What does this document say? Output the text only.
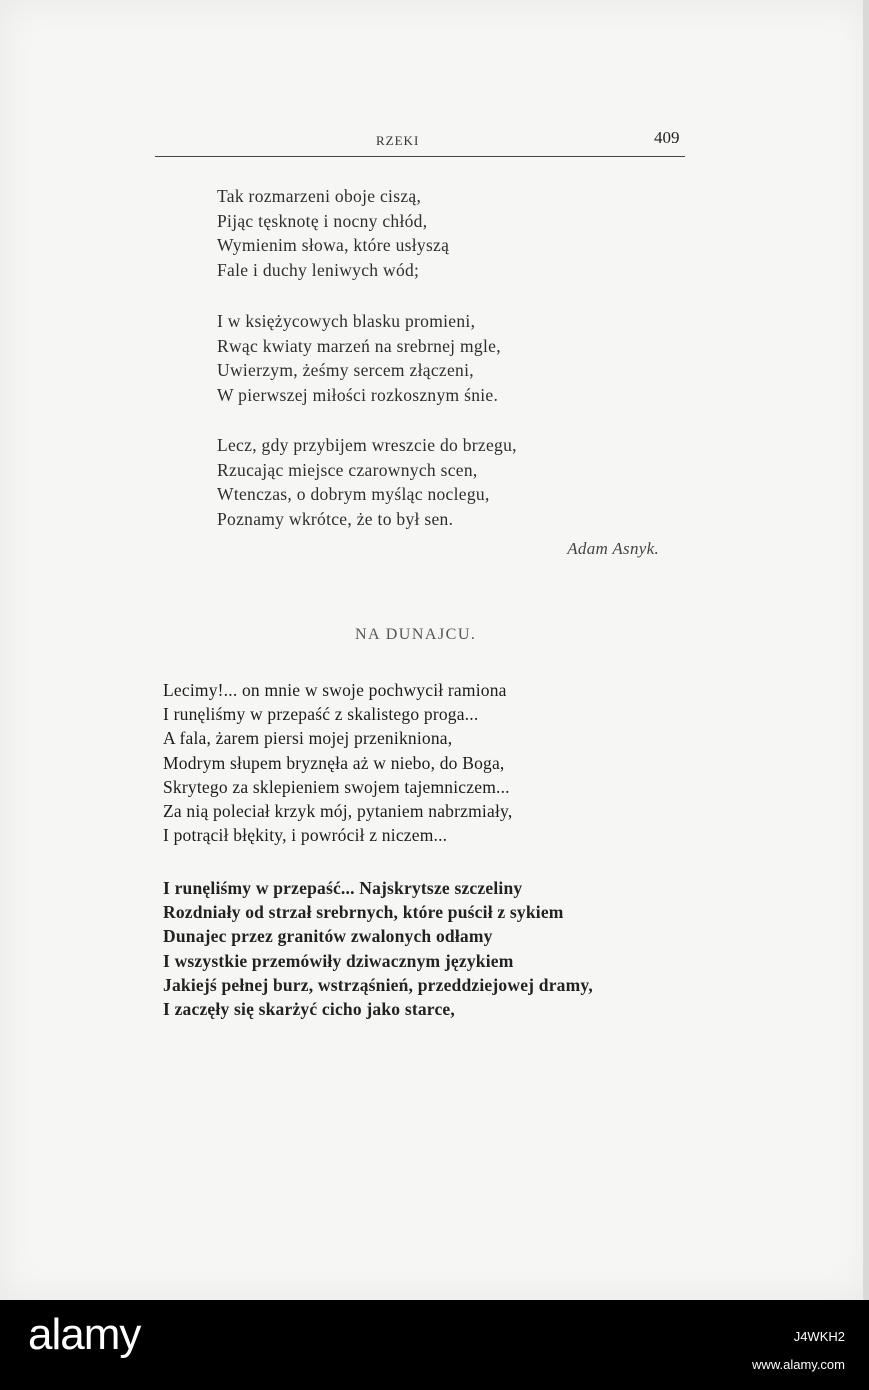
RZEKI	409
Tak rozmarzeni oboje ciszą,
Pijąc tęsknotę i nocny chłód,
Wymienim słowa, które usłyszą
Fale i duchy leniwych wód;
I w księżycowych blasku promieni,
Rwąc kwiaty marzeń na srebrnej mgle,
Uwierzym, żeśmy sercem złączeni,
W pierwszej miłości rozkosznym śnie.
Lecz, gdy przybijem wreszcie do brzegu,
Rzucając miejsce czarownych scen,
Wtenczas, o dobrym myśląc noclegu,
Poznamy wkrótce, że to był sen.
Adam Asnyk.
NA DUNAJCU.
Lecimy!... on mnie w swoje pochwycił ramiona
I runęliśmy w przepaść z skalistego proga...
A fala, żarem piersi mojej przenikniona,
Modrym słupem bryznęła aż w niebo, do Boga,
Skrytego za sklepieniem swojem tajemniczem...
Za nią poleciał krzyk mój, pytaniem nabrzmiały,
I potrącił błękity, i powrócił z niczem...
I runęliśmy w przepaść... Najskrytsze szczeliny
Rozdniały od strzał srebrnych, które puścił z sykiem
Dunajec przez granitów zwalonych odłamy
I wszystkie przemówiły dziwacznym językiem
Jakiejś pełnej burz, wstrząśnień, przeddziejowej dramy,
I zaczęły się skarżyć cicho jako starce,
alamy	J4WKH2
www.alamy.com
